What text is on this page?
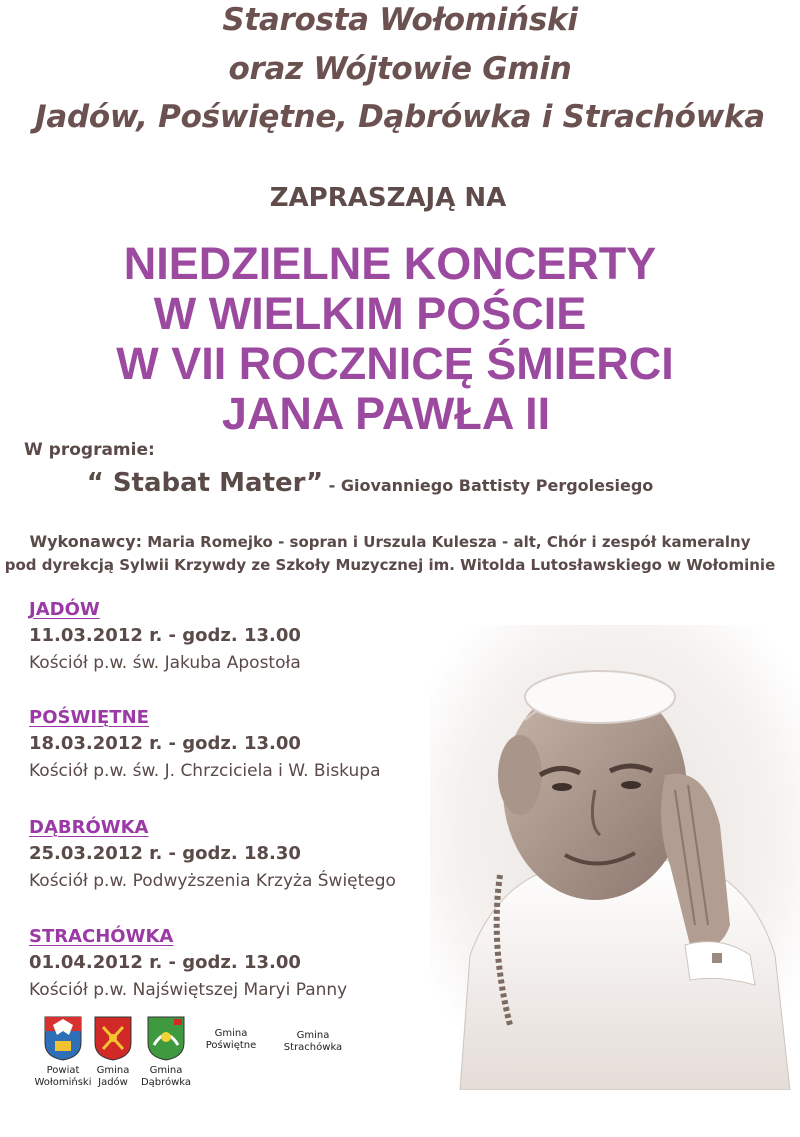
Starosta Wołomiński
oraz Wójtowie Gmin
Jadów, Poświętne, Dąbrówka i Strachówka
ZAPRASZAJĄ NA
NIEDZIELNE KONCERTY
W WIELKIM POŚCIE
W VII ROCZNICĘ ŚMIERCI
JANA PAWŁA II
W programie:
“ Stabat Mater” - Giovanniego Battisty Pergolesiego
Wykonawcy: Maria Romejko - sopran i Urszula Kulesza - alt, Chór i zespół kameralny
pod dyrekcją Sylwii Krzywdy ze Szkoły Muzycznej im. Witolda Lutosławskiego w Wołominie
JADÓW
11.03.2012 r. - godz. 13.00
Kościół p.w. św. Jakuba Apostoła
POŚWIĘTNE
18.03.2012 r. - godz. 13.00
Kościół p.w. św. J. Chrzciciela i W. Biskupa
DĄBRÓWKA
25.03.2012 r. - godz. 18.30
Kościół p.w. Podwyższenia Krzyża Świętego
STRACHÓWKA
01.04.2012 r. - godz. 13.00
Kościół p.w. Najświętszej Maryi Panny
Powiat
Wołomiński
Gmina
Jadów
Gmina
Dąbrówka
Gmina
Poświętne
Gmina
Strachówka
